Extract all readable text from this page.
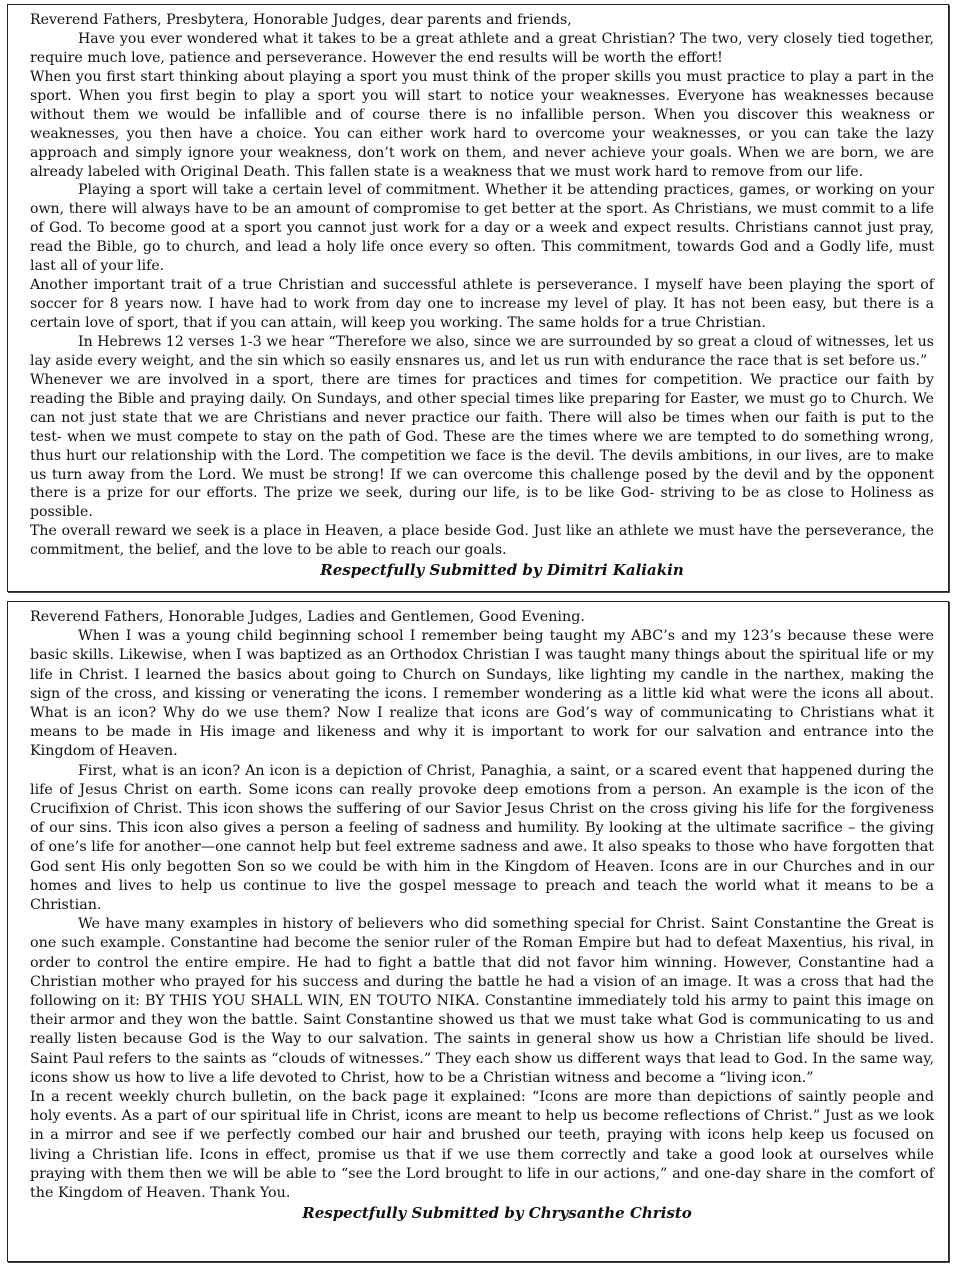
Reverend Fathers, Presbytera, Honorable Judges, dear parents and friends,

Have you ever wondered what it takes to be a great athlete and a great Christian? The two, very closely tied together, require much love, patience and perseverance. However the end results will be worth the effort!

When you first start thinking about playing a sport you must think of the proper skills you must practice to play a part in the sport. When you first begin to play a sport you will start to notice your weaknesses. Everyone has weaknesses because without them we would be infallible and of course there is no infallible person. When you discover this weakness or weaknesses, you then have a choice. You can either work hard to overcome your weaknesses, or you can take the lazy approach and simply ignore your weakness, don’t work on them, and never achieve your goals. When we are born, we are already labeled with Original Death. This fallen state is a weakness that we must work hard to remove from our life.

Playing a sport will take a certain level of commitment. Whether it be attending practices, games, or working on your own, there will always have to be an amount of compromise to get better at the sport. As Christians, we must commit to a life of God. To become good at a sport you cannot just work for a day or a week and expect results. Christians cannot just pray, read the Bible, go to church, and lead a holy life once every so often. This commitment, towards God and a Godly life, must last all of your life.

Another important trait of a true Christian and successful athlete is perseverance. I myself have been playing the sport of soccer for 8 years now. I have had to work from day one to increase my level of play. It has not been easy, but there is a certain love of sport, that if you can attain, will keep you working. The same holds for a true Christian.

In Hebrews 12 verses 1-3 we hear “Therefore we also, since we are surrounded by so great a cloud of witnesses, let us lay aside every weight, and the sin which so easily ensnares us, and let us run with endurance the race that is set before us.”

Whenever we are involved in a sport, there are times for practices and times for competition. We practice our faith by reading the Bible and praying daily. On Sundays, and other special times like preparing for Easter, we must go to Church. We can not just state that we are Christians and never practice our faith. There will also be times when our faith is put to the test- when we must compete to stay on the path of God. These are the times where we are tempted to do something wrong, thus hurt our relationship with the Lord. The competition we face is the devil. The devils ambitions, in our lives, are to make us turn away from the Lord. We must be strong! If we can overcome this challenge posed by the devil and by the opponent there is a prize for our efforts. The prize we seek, during our life, is to be like God- striving to be as close to Holiness as possible.

The overall reward we seek is a place in Heaven, a place beside God. Just like an athlete we must have the perseverance, the commitment, the belief, and the love to be able to reach our goals.

Respectfully Submitted by Dimitri Kaliakin

Reverend Fathers, Honorable Judges, Ladies and Gentlemen, Good Evening.

When I was a young child beginning school I remember being taught my ABC’s and my 123’s because these were basic skills. Likewise, when I was baptized as an Orthodox Christian I was taught many things about the spiritual life or my life in Christ. I learned the basics about going to Church on Sundays, like lighting my candle in the narthex, making the sign of the cross, and kissing or venerating the icons. I remember wondering as a little kid what were the icons all about. What is an icon? Why do we use them? Now I realize that icons are God’s way of communicating to Christians what it means to be made in His image and likeness and why it is important to work for our salvation and entrance into the Kingdom of Heaven.

First, what is an icon? An icon is a depiction of Christ, Panaghia, a saint, or a scared event that happened during the life of Jesus Christ on earth. Some icons can really provoke deep emotions from a person. An example is the icon of the Crucifixion of Christ. This icon shows the suffering of our Savior Jesus Christ on the cross giving his life for the forgiveness of our sins. This icon also gives a person a feeling of sadness and humility. By looking at the ultimate sacrifice – the giving of one’s life for another—one cannot help but feel extreme sadness and awe. It also speaks to those who have forgotten that God sent His only begotten Son so we could be with him in the Kingdom of Heaven. Icons are in our Churches and in our homes and lives to help us continue to live the gospel message to preach and teach the world what it means to be a Christian.

We have many examples in history of believers who did something special for Christ. Saint Constantine the Great is one such example. Constantine had become the senior ruler of the Roman Empire but had to defeat Maxentius, his rival, in order to control the entire empire. He had to fight a battle that did not favor him winning. However, Constantine had a Christian mother who prayed for his success and during the battle he had a vision of an image. It was a cross that had the following on it: BY THIS YOU SHALL WIN, EN TOUTO NIKA. Constantine immediately told his army to paint this image on their armor and they won the battle. Saint Constantine showed us that we must take what God is communicating to us and really listen because God is the Way to our salvation. The saints in general show us how a Christian life should be lived. Saint Paul refers to the saints as “clouds of witnesses.” They each show us different ways that lead to God. In the same way, icons show us how to live a life devoted to Christ, how to be a Christian witness and become a “living icon.”

In a recent weekly church bulletin, on the back page it explained: “Icons are more than depictions of saintly people and holy events. As a part of our spiritual life in Christ, icons are meant to help us become reflections of Christ.” Just as we look in a mirror and see if we perfectly combed our hair and brushed our teeth, praying with icons help keep us focused on living a Christian life. Icons in effect, promise us that if we use them correctly and take a good look at ourselves while praying with them then we will be able to “see the Lord brought to life in our actions,” and one-day share in the comfort of the Kingdom of Heaven. Thank You.

Respectfully Submitted by Chrysanthe Christo
